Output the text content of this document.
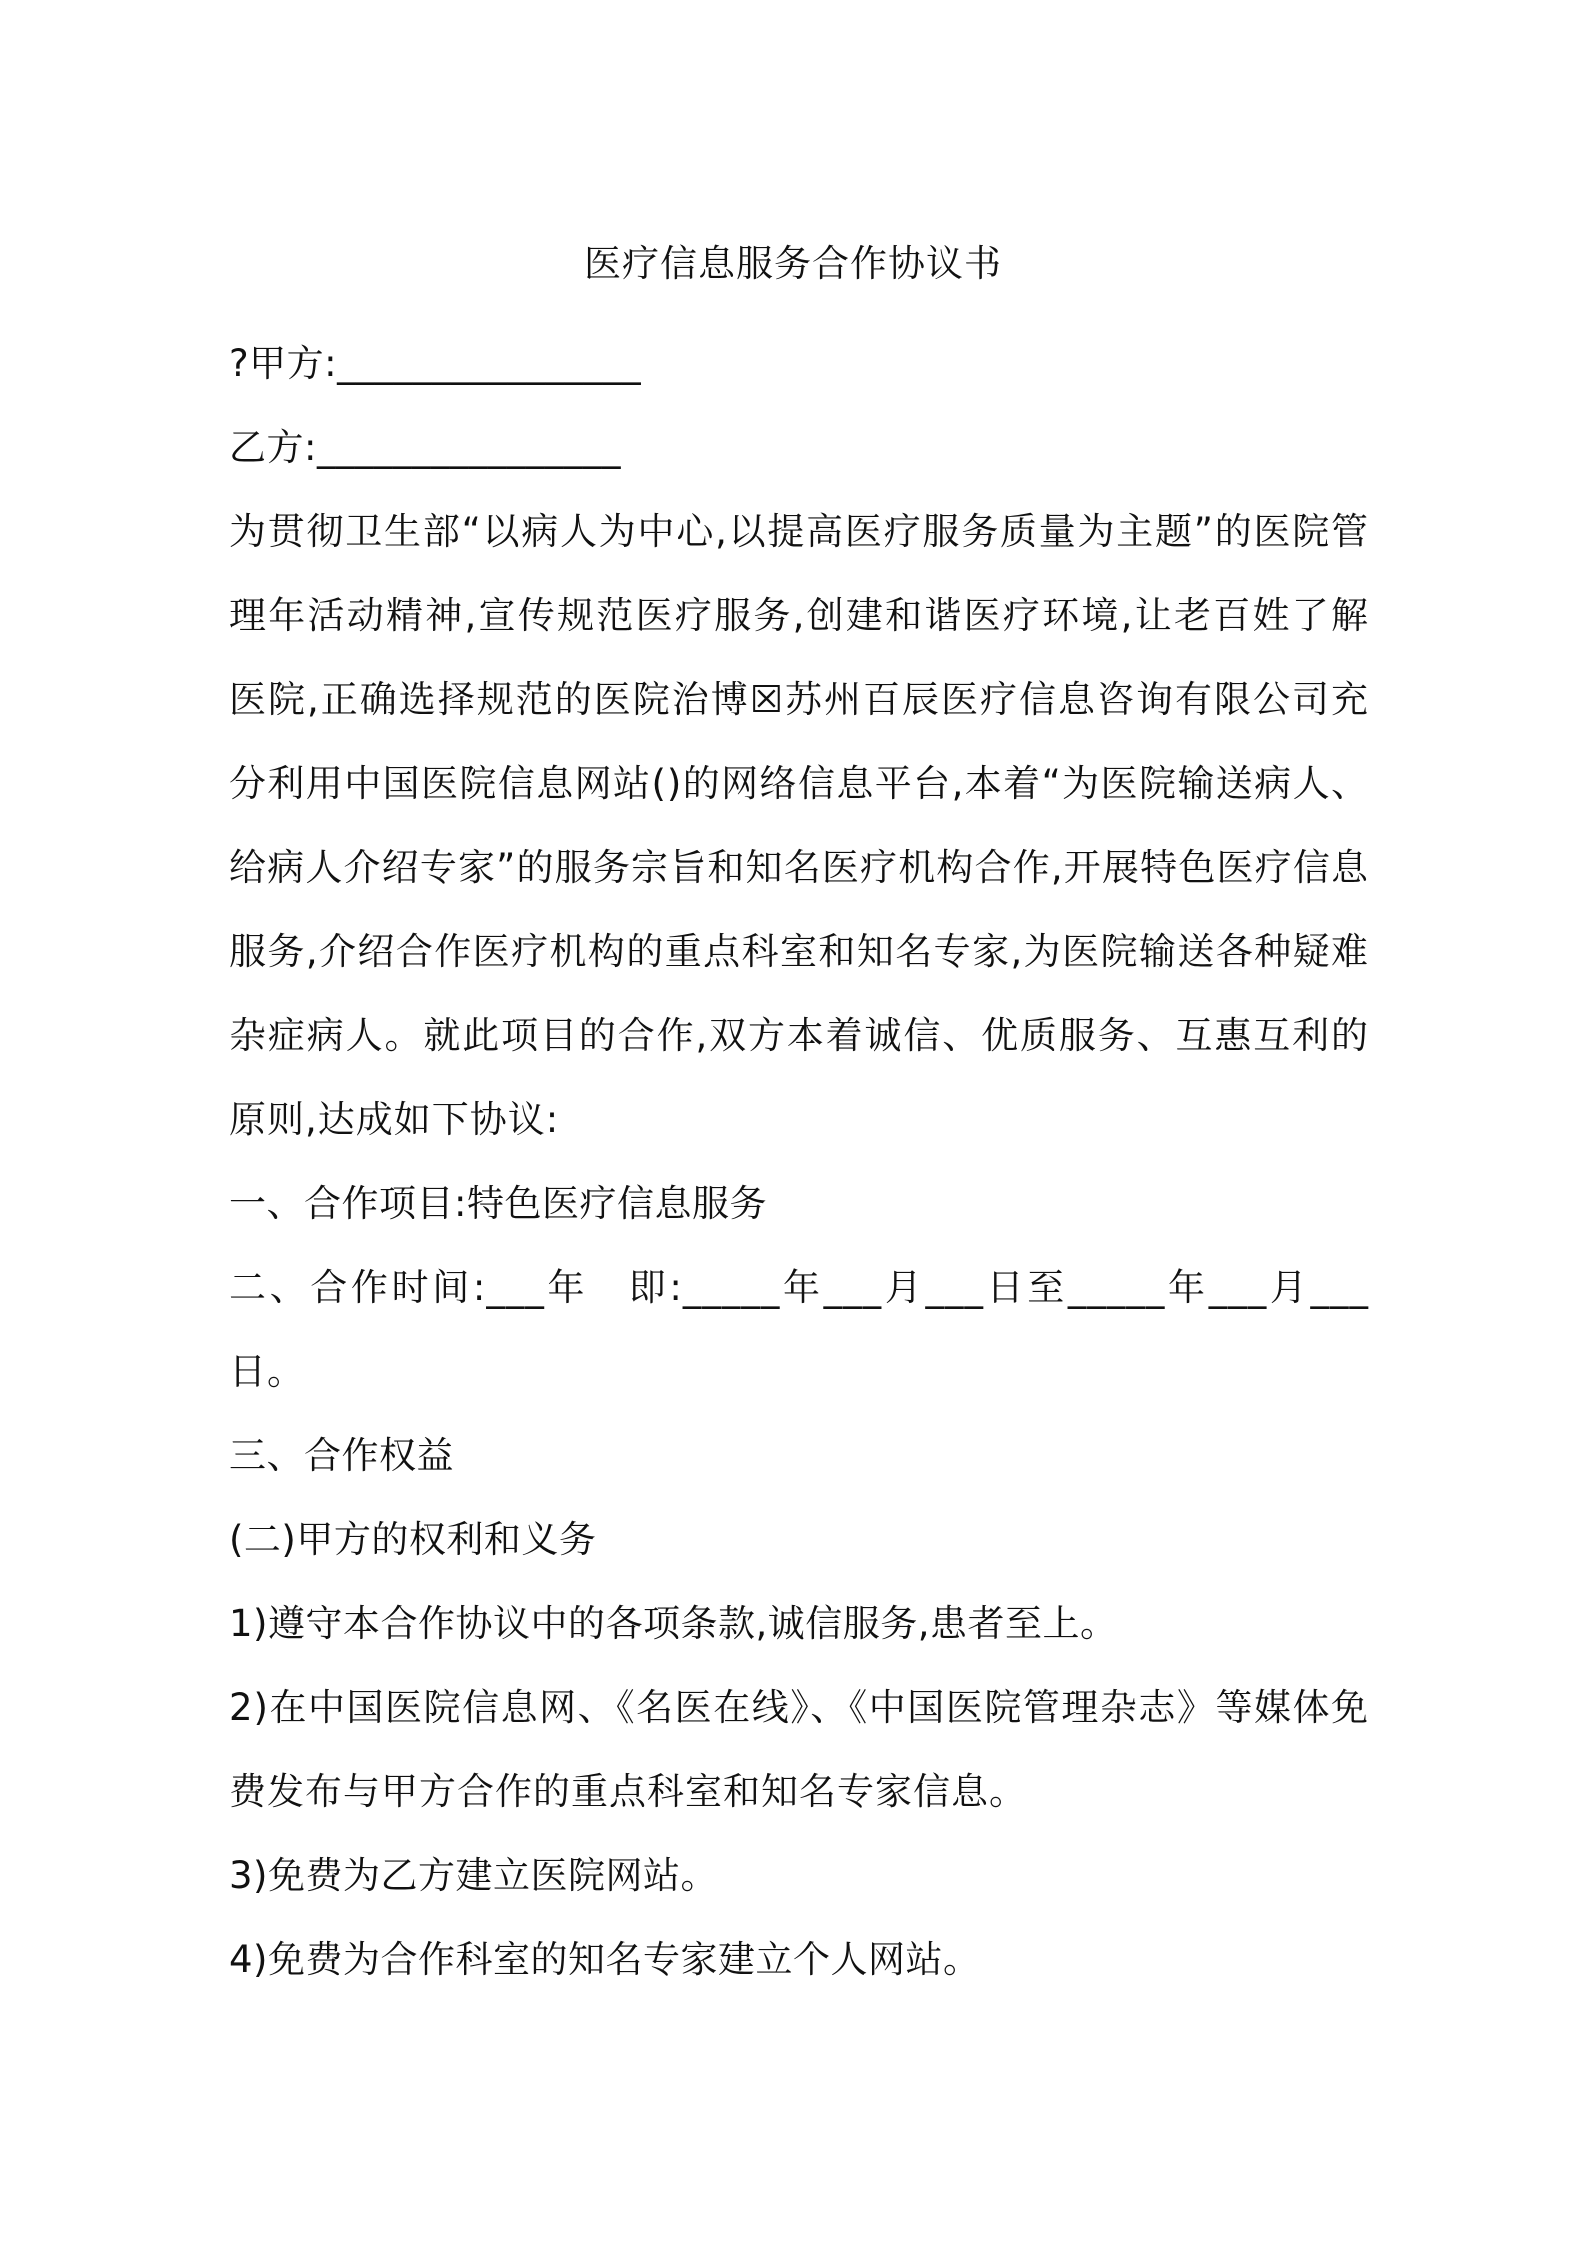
医疗信息服务合作协议书
?甲方:________________
乙方:________________
为贯彻卫生部“以病人为中心,以提高医疗服务质量为主题”的医院管理年活动精神,宣传规范医疗服务,创建和谐医疗环境,让老百姓了解医院,正确选择规范的医院治博☒苏州百辰医疗信息咨询有限公司充分利用中国医院信息网站()的网络信息平台,本着“为医院输送病人、给病人介绍专家”的服务宗旨和知名医疗机构合作,开展特色医疗信息服务,介绍合作医疗机构的重点科室和知名专家,为医院输送各种疑难杂症病人。就此项目的合作,双方本着诚信、优质服务、互惠互利的原则,达成如下协议:
一、合作项目:特色医疗信息服务
二、合作时间:___年　即:_____年___月___日至_____年___月___日。
三、合作权益
(二)甲方的权利和义务
1)遵守本合作协议中的各项条款,诚信服务,患者至上。
2)在中国医院信息网、《名医在线》、《中国医院管理杂志》等媒体免费发布与甲方合作的重点科室和知名专家信息。
3)免费为乙方建立医院网站。
4)免费为合作科室的知名专家建立个人网站。
